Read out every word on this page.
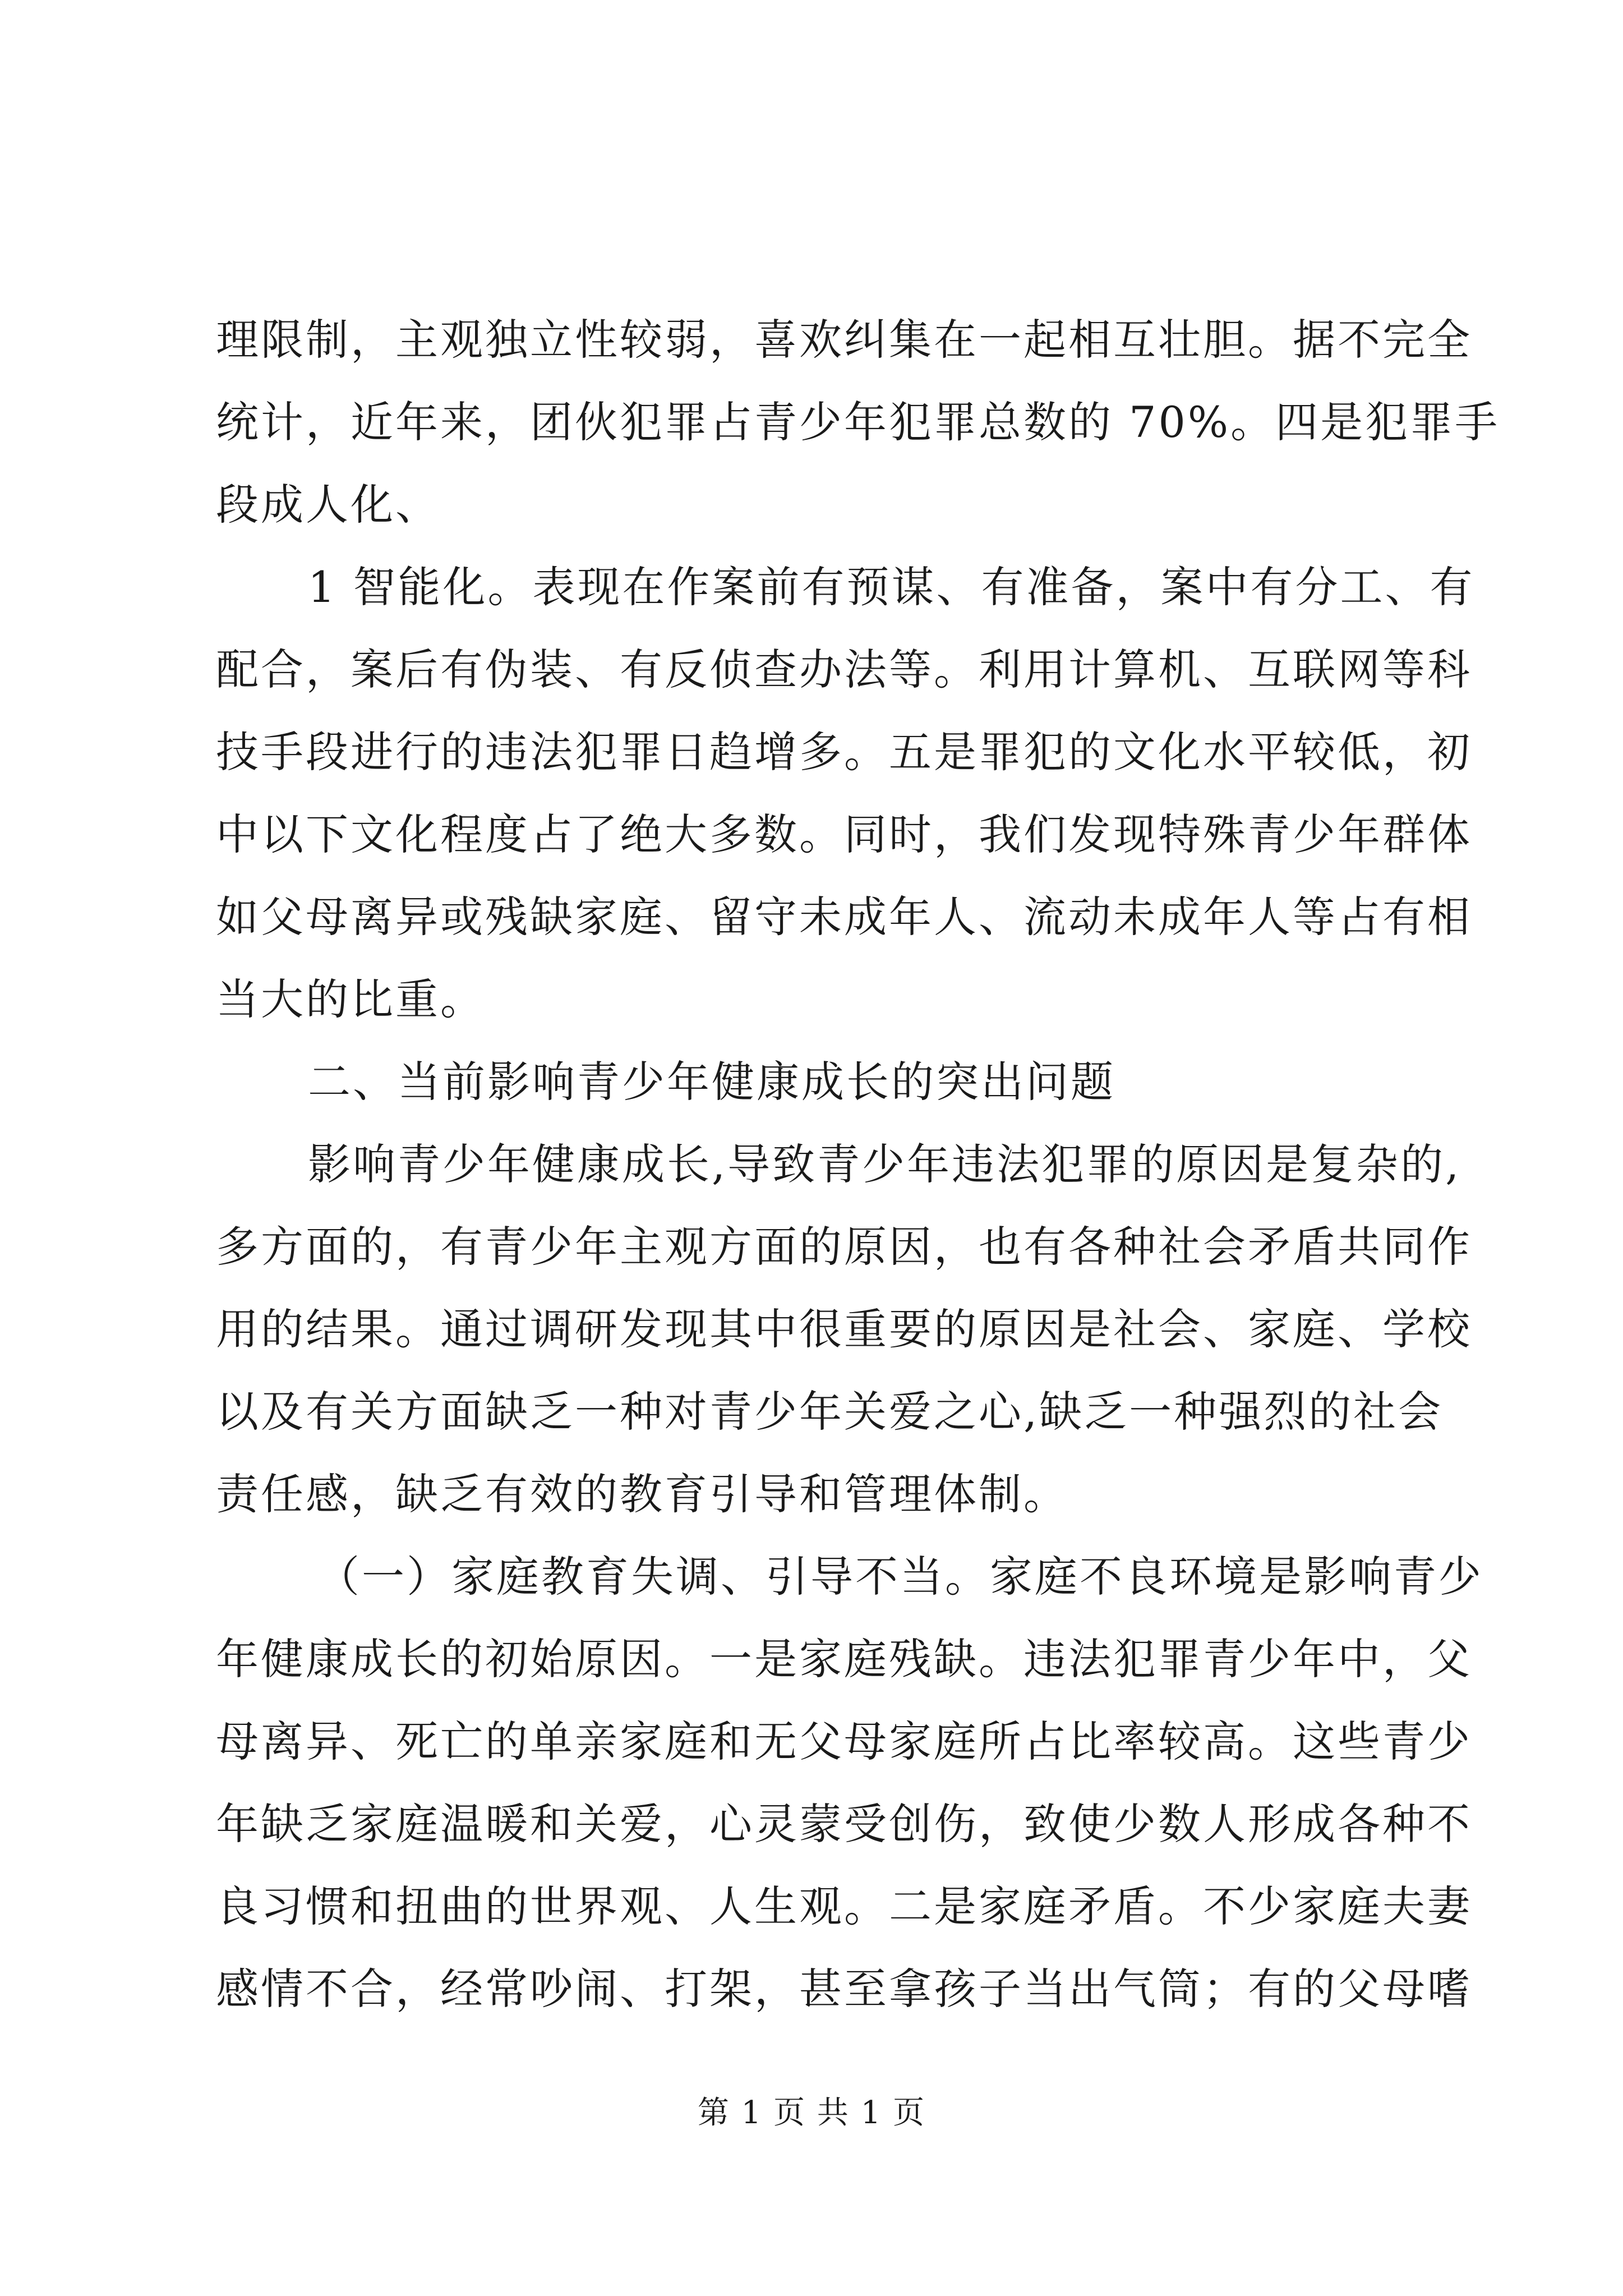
理限制，主观独立性较弱，喜欢纠集在一起相互壮胆。据不完全
统计，近年来，团伙犯罪占青少年犯罪总数的 70%。四是犯罪手
段成人化、

1 智能化。表现在作案前有预谋、有准备，案中有分工、有
配合，案后有伪装、有反侦查办法等。利用计算机、互联网等科
技手段进行的违法犯罪日趋增多。五是罪犯的文化水平较低，初
中以下文化程度占了绝大多数。同时，我们发现特殊青少年群体
如父母离异或残缺家庭、留守未成年人、流动未成年人等占有相
当大的比重。

二、当前影响青少年健康成长的突出问题

影响青少年健康成长,导致青少年违法犯罪的原因是复杂的,
多方面的，有青少年主观方面的原因，也有各种社会矛盾共同作
用的结果。通过调研发现其中很重要的原因是社会、家庭、学校
以及有关方面缺乏一种对青少年关爱之心,缺乏一种强烈的社会
责任感，缺乏有效的教育引导和管理体制。

（一）家庭教育失调、引导不当。家庭不良环境是影响青少
年健康成长的初始原因。一是家庭残缺。违法犯罪青少年中，父
母离异、死亡的单亲家庭和无父母家庭所占比率较高。这些青少
年缺乏家庭温暖和关爱，心灵蒙受创伤，致使少数人形成各种不
良习惯和扭曲的世界观、人生观。二是家庭矛盾。不少家庭夫妻
感情不合，经常吵闹、打架，甚至拿孩子当出气筒；有的父母嗜

第 1 页 共 1 页
